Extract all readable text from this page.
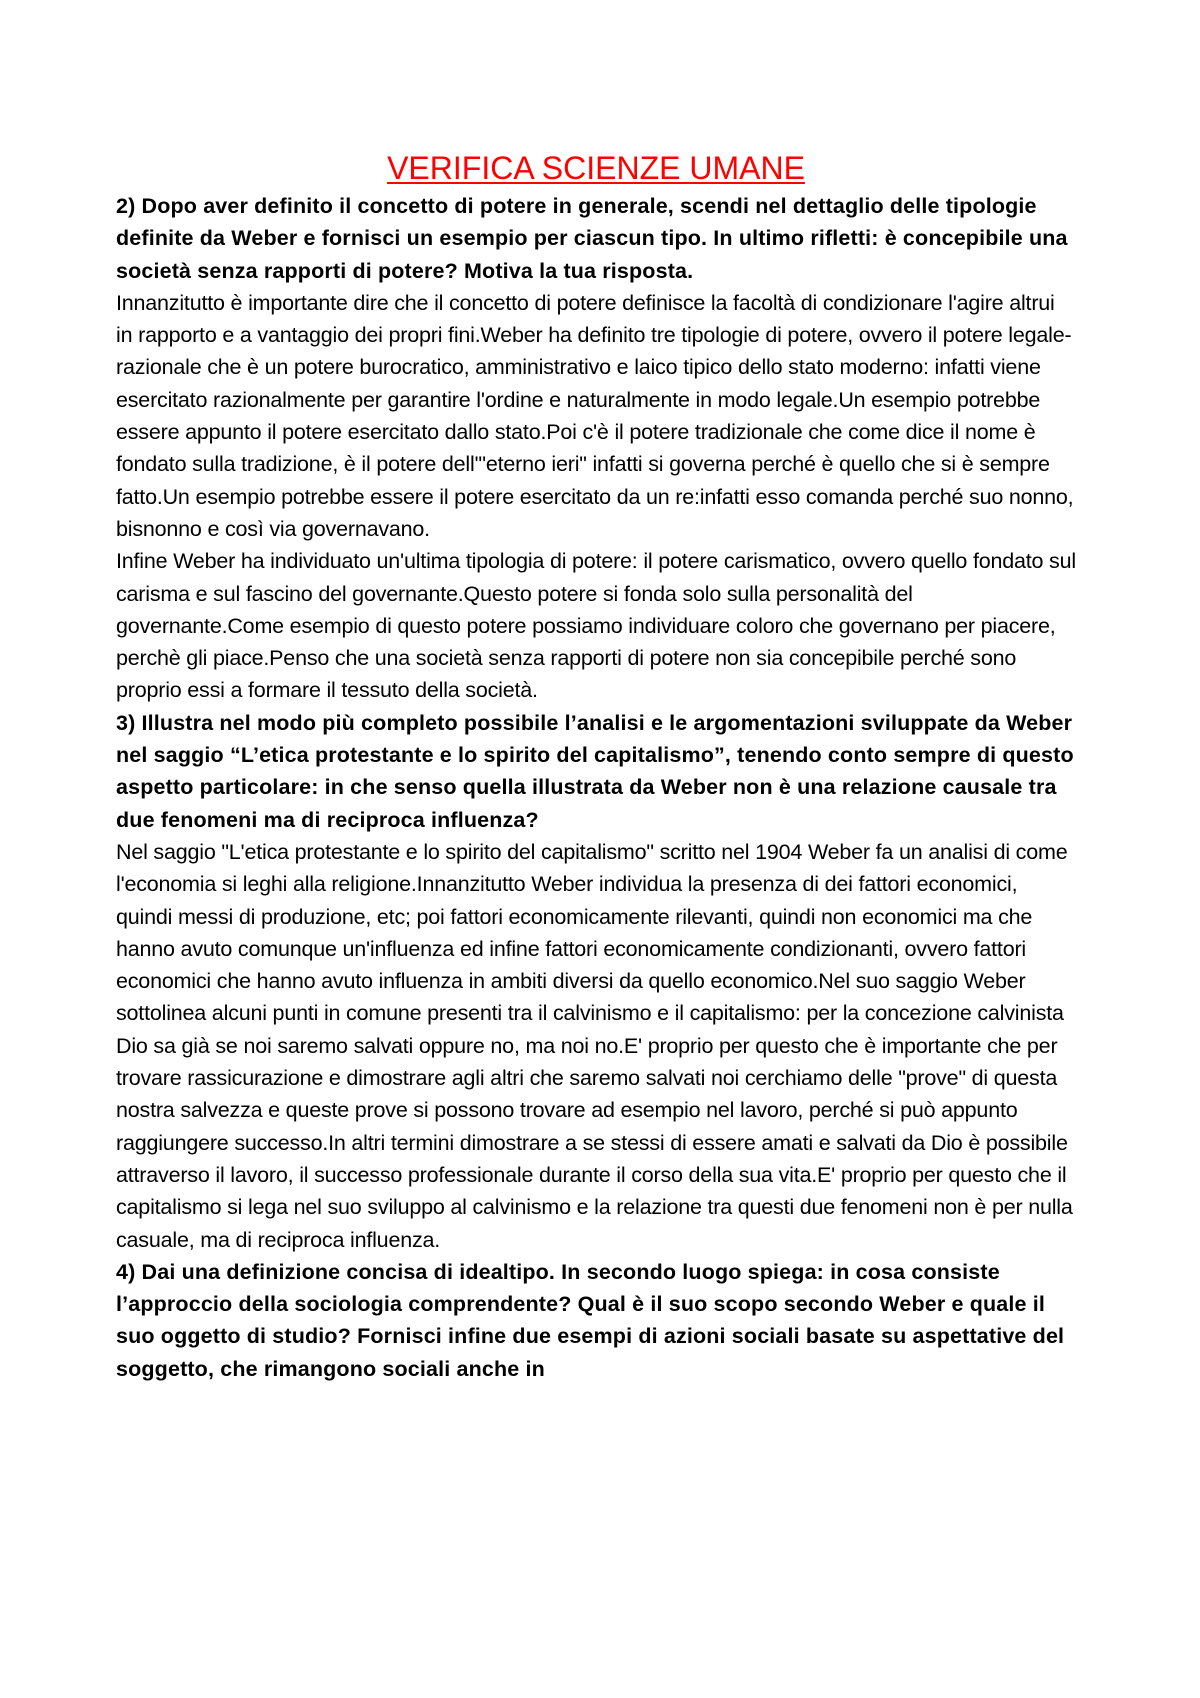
VERIFICA SCIENZE UMANE

2) Dopo aver definito il concetto di potere in generale, scendi nel dettaglio delle tipologie definite da Weber e fornisci un esempio per ciascun tipo. In ultimo rifletti: è concepibile una società senza rapporti di potere? Motiva la tua risposta.

Innanzitutto è importante dire che il concetto di potere definisce la facoltà di condizionare l'agire altrui in rapporto e a vantaggio dei propri fini.Weber ha definito tre tipologie di potere, ovvero il potere legale-razionale che è un potere burocratico, amministrativo e laico tipico dello stato moderno: infatti viene esercitato razionalmente per garantire l'ordine e naturalmente in modo legale.Un esempio potrebbe essere appunto il potere esercitato dallo stato.Poi c'è il potere tradizionale che come dice il nome è fondato sulla tradizione, è il potere dell'"eterno ieri" infatti si governa perché è quello che si è sempre fatto.Un esempio potrebbe essere il potere esercitato da un re:infatti esso comanda perché suo nonno, bisnonno e così via governavano.

Infine Weber ha individuato un'ultima tipologia di potere: il potere carismatico, ovvero quello fondato sul carisma e sul fascino del governante.Questo potere si fonda solo sulla personalità del governante.Come esempio di questo potere possiamo individuare coloro che governano per piacere, perchè gli piace.Penso che una società senza rapporti di potere non sia concepibile perché sono proprio essi a formare il tessuto della società.

3) Illustra nel modo più completo possibile l’analisi e le argomentazioni sviluppate da Weber nel saggio “L’etica protestante e lo spirito del capitalismo”, tenendo conto sempre di questo aspetto particolare: in che senso quella illustrata da Weber non è una relazione causale tra due fenomeni ma di reciproca influenza?

Nel saggio "L'etica protestante e lo spirito del capitalismo" scritto nel 1904 Weber fa un analisi di come l'economia si leghi alla religione.Innanzitutto Weber individua la presenza di dei fattori economici, quindi messi di produzione, etc; poi fattori economicamente rilevanti, quindi non economici ma che hanno avuto comunque un'influenza ed infine fattori economicamente condizionanti, ovvero fattori economici che hanno avuto influenza in ambiti diversi da quello economico.Nel suo saggio Weber sottolinea alcuni punti in comune presenti tra il calvinismo e il capitalismo: per la concezione calvinista Dio sa già se noi saremo salvati oppure no, ma noi no.E' proprio per questo che è importante che per trovare rassicurazione e dimostrare agli altri che saremo salvati noi cerchiamo delle "prove" di questa nostra salvezza e queste prove si possono trovare ad esempio nel lavoro, perché si può appunto raggiungere successo.In altri termini dimostrare a se stessi di essere amati e salvati da Dio è possibile attraverso il lavoro, il successo professionale durante il corso della sua vita.E' proprio per questo che il capitalismo si lega nel suo sviluppo al calvinismo e la relazione tra questi due fenomeni non è per nulla casuale, ma di reciproca influenza.

4) Dai una definizione concisa di idealtipo. In secondo luogo spiega: in cosa consiste l’approccio della sociologia comprendente? Qual è il suo scopo secondo Weber e quale il suo oggetto di studio? Fornisci infine due esempi di azioni sociali basate su aspettative del soggetto, che rimangono sociali anche in
